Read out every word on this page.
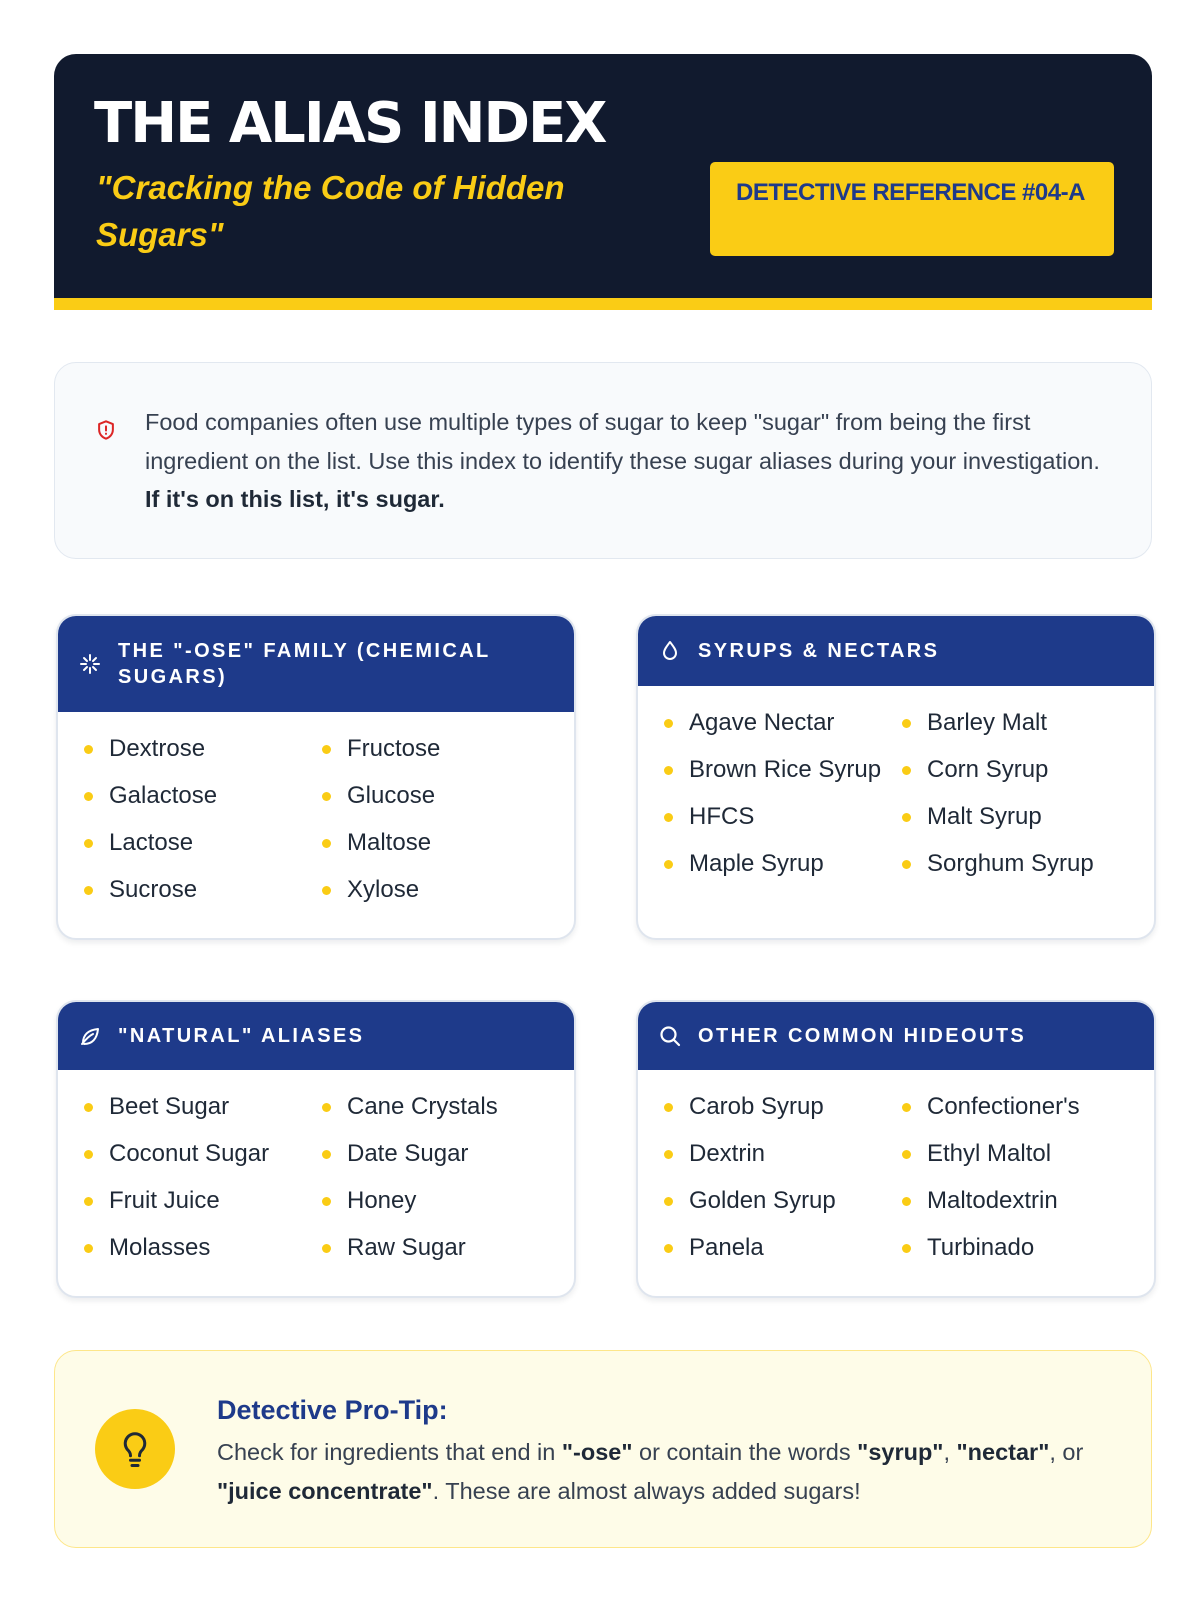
THE ALIAS INDEX
"Cracking the Code of Hidden Sugars"
DETECTIVE REFERENCE #04-A

Food companies often use multiple types of sugar to keep "sugar" from being the first ingredient on the list. Use this index to identify these sugar aliases during your investigation. If it's on this list, it's sugar.

THE "-OSE" FAMILY (CHEMICAL SUGARS)
Dextrose	Fructose
Galactose	Glucose
Lactose	Maltose
Sucrose	Xylose
SYRUPS & NECTARS
Agave Nectar	Barley Malt
Brown Rice Syrup	Corn Syrup
HFCS	Malt Syrup
Maple Syrup	Sorghum Syrup
"NATURAL" ALIASES
Beet Sugar	Cane Crystals
Coconut Sugar	Date Sugar
Fruit Juice	Honey
Molasses	Raw Sugar
OTHER COMMON HIDEOUTS
Carob Syrup	Confectioner's
Dextrin	Ethyl Maltol
Golden Syrup	Maltodextrin
Panela	Turbinado
Detective Pro-Tip:

Check for ingredients that end in "-ose" or contain the words "syrup", "nectar", or "juice concentrate". These are almost always added sugars!
